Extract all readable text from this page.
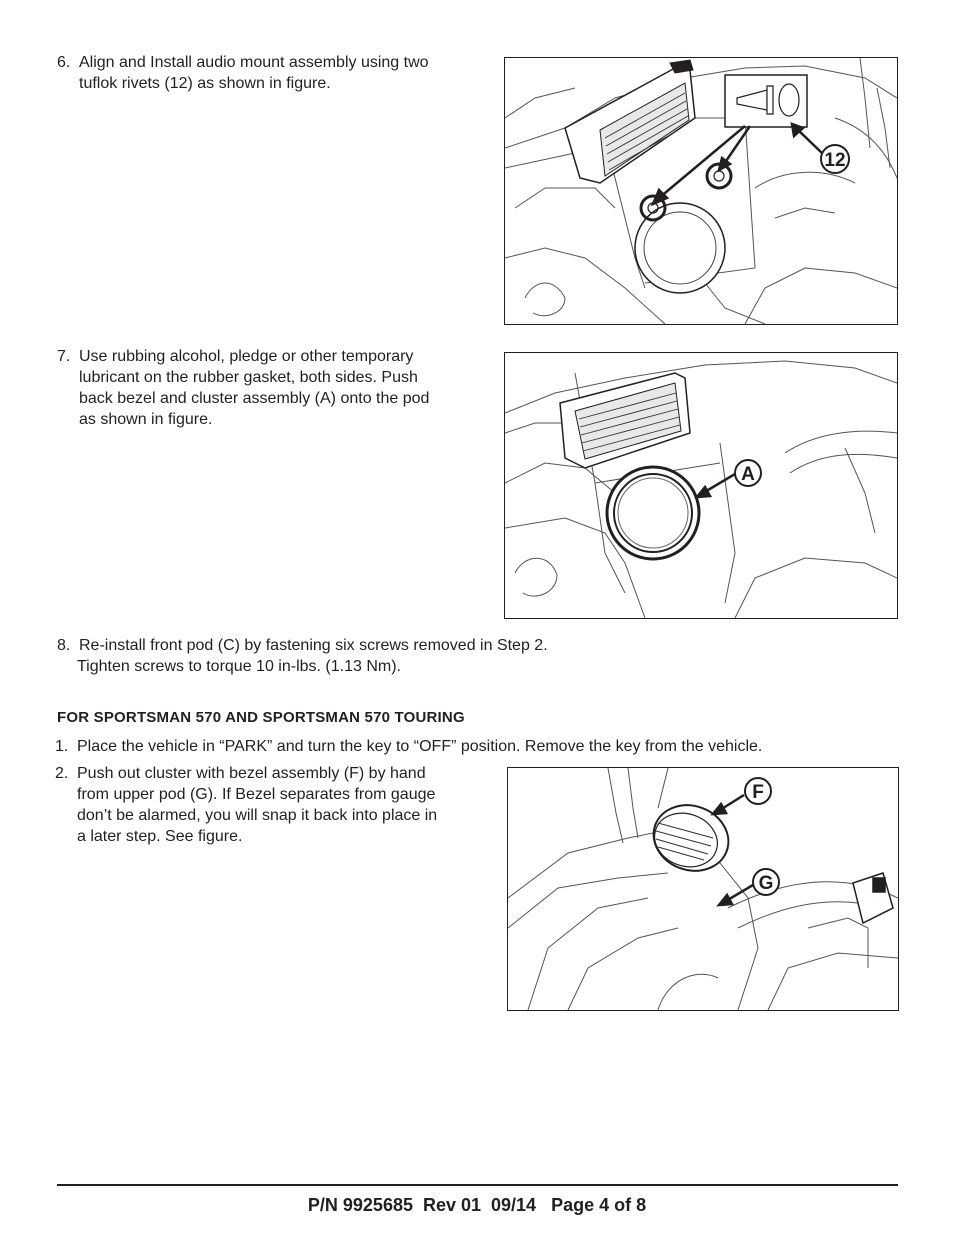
6. Align and Install audio mount assembly using two
tuflok rivets (12) as shown in figure.
12
7. Use rubbing alcohol, pledge or other temporary
lubricant on the rubber gasket, both sides. Push
back bezel and cluster assembly (A) onto the pod
as shown in figure.
A
8. Re-install front pod (C) by fastening six screws removed in Step 2.
Tighten screws to torque 10 in-lbs. (1.13 Nm).
FOR SPORTSMAN 570 AND SPORTSMAN 570 TOURING
1. Place the vehicle in “PARK” and turn the key to “OFF” position. Remove the key from the vehicle.
2. Push out cluster with bezel assembly (F) by hand
from upper pod (G). If Bezel separates from gauge
don’t be alarmed, you will snap it back into place in
a later step. See figure.
F
G
P/N 9925685  Rev 01  09/14   Page 4 of 8
